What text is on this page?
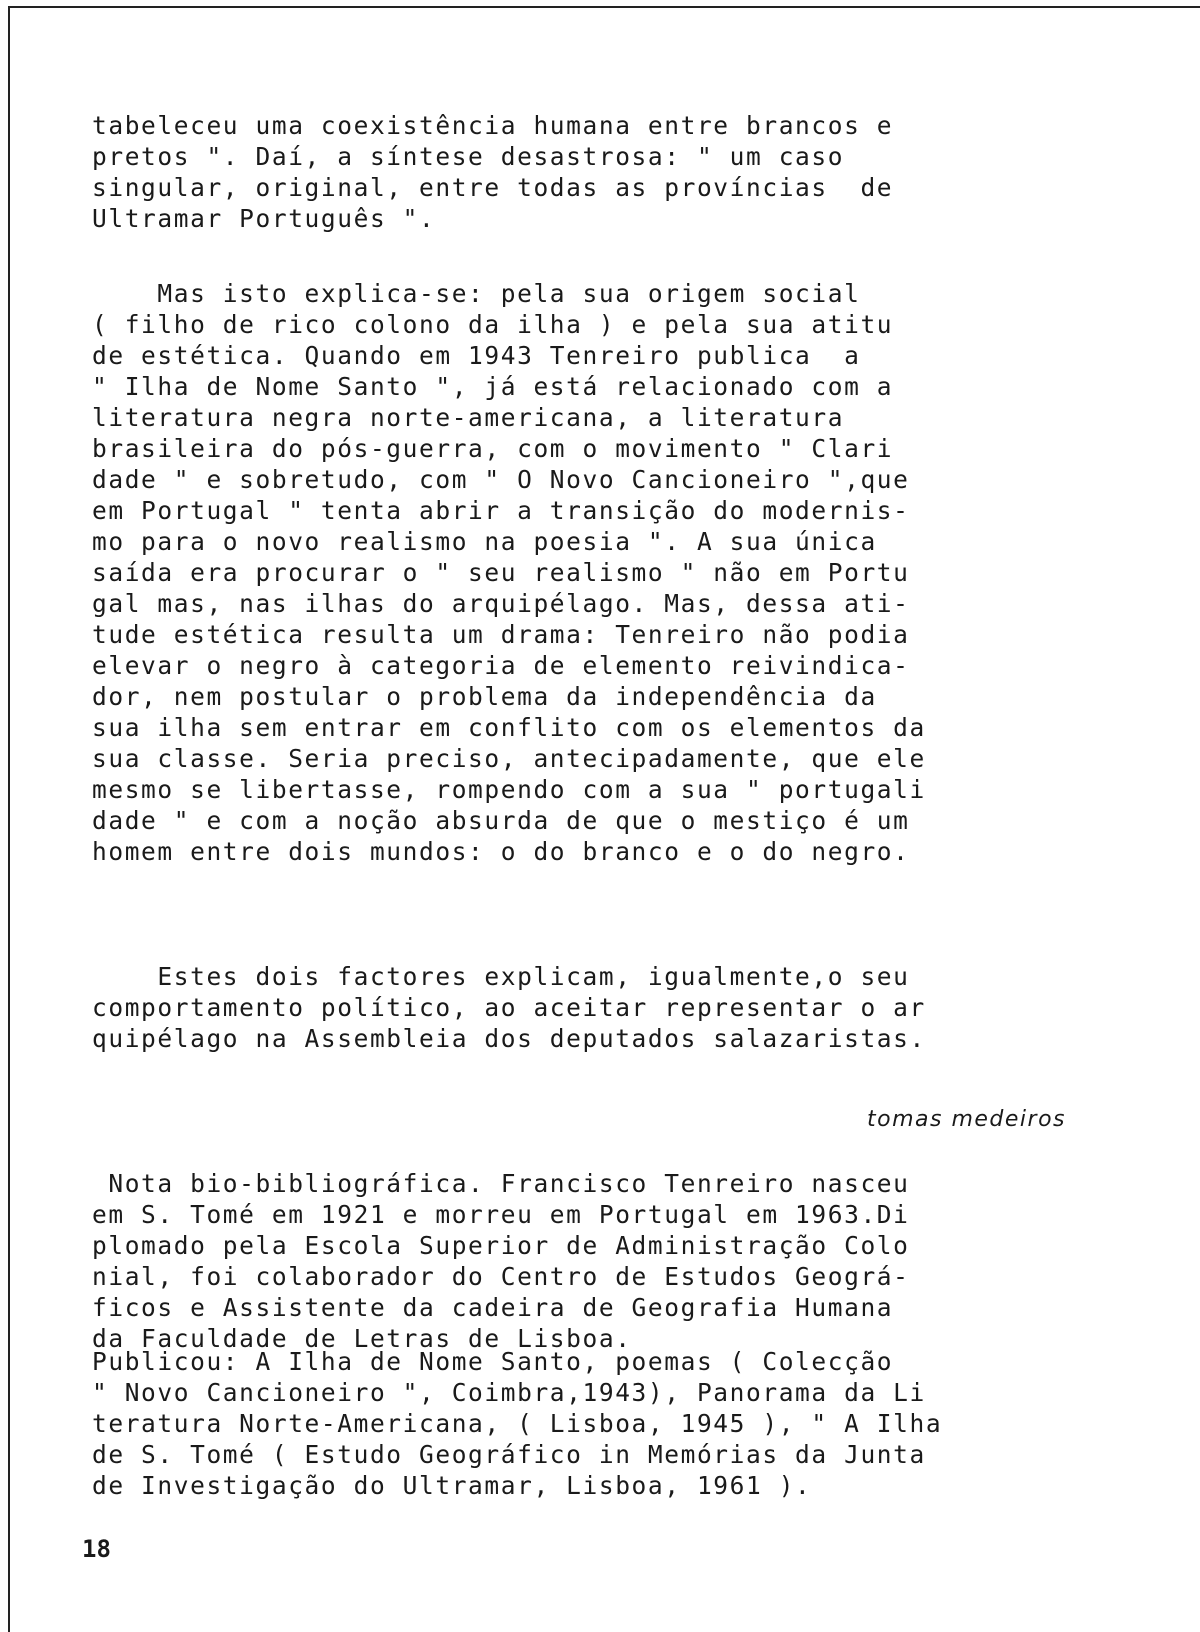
tabeleceu uma coexistência humana entre brancos e
pretos ". Daí, a síntese desastrosa: " um caso
singular, original, entre todas as províncias  de
Ultramar Português ".
Mas isto explica-se: pela sua origem social
( filho de rico colono da ilha ) e pela sua atitu
de estética. Quando em 1943 Tenreiro publica  a
" Ilha de Nome Santo ", já está relacionado com a
literatura negra norte-americana, a literatura
brasileira do pós-guerra, com o movimento " Clari
dade " e sobretudo, com " O Novo Cancioneiro ",que
em Portugal " tenta abrir a transição do modernis-
mo para o novo realismo na poesia ". A sua única
saída era procurar o " seu realismo " não em Portu
gal mas, nas ilhas do arquipélago. Mas, dessa ati-
tude estética resulta um drama: Tenreiro não podia
elevar o negro à categoria de elemento reivindica-
dor, nem postular o problema da independência da
sua ilha sem entrar em conflito com os elementos da
sua classe. Seria preciso, antecipadamente, que ele
mesmo se libertasse, rompendo com a sua " portugali
dade " e com a noção absurda de que o mestiço é um
homem entre dois mundos: o do branco e o do negro.
Estes dois factores explicam, igualmente,o seu
comportamento político, ao aceitar representar o ar
quipélago na Assembleia dos deputados salazaristas.

tomas medeiros

Nota bio-bibliográfica. Francisco Tenreiro nasceu
em S. Tomé em 1921 e morreu em Portugal em 1963.Di
plomado pela Escola Superior de Administração Colo
nial, foi colaborador do Centro de Estudos Geográ-
ficos e Assistente da cadeira de Geografia Humana
da Faculdade de Letras de Lisboa.
Publicou: A Ilha de Nome Santo, poemas ( Colecção
" Novo Cancioneiro ", Coimbra,1943), Panorama da Li
teratura Norte-Americana, ( Lisboa, 1945 ), " A Ilha
de S. Tomé ( Estudo Geográfico in Memórias da Junta
de Investigação do Ultramar, Lisboa, 1961 ).

18
